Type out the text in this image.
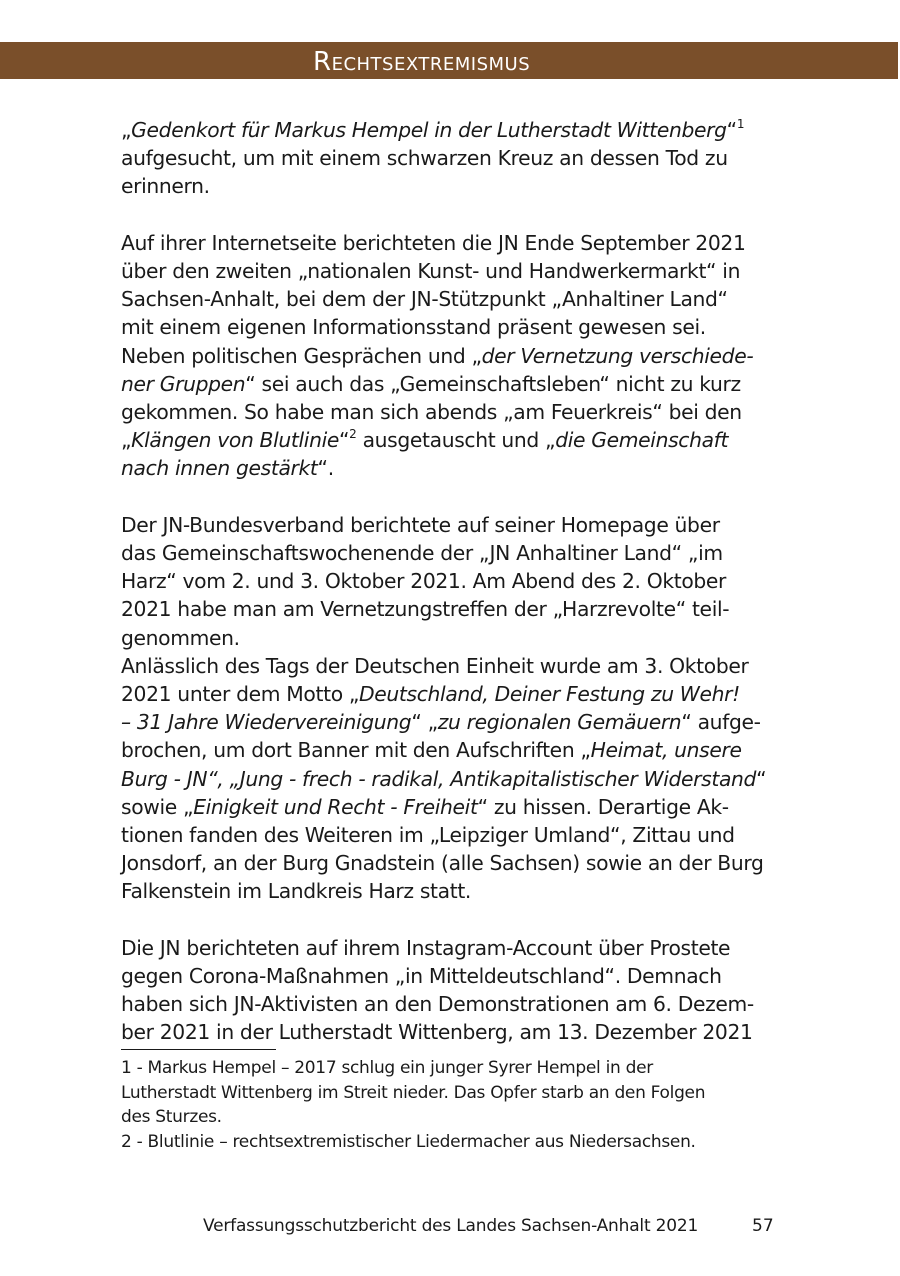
Rechtsextremismus
„Gedenkort für Markus Hempel in der Lutherstadt Wittenberg“$^1$
aufgesucht, um mit einem schwarzen Kreuz an dessen Tod zu
erinnern.
Auf ihrer Internetseite berichteten die JN Ende September 2021
über den zweiten „nationalen Kunst- und Handwerkermarkt“ in
Sachsen-Anhalt, bei dem der JN-Stützpunkt „Anhaltiner Land“
mit einem eigenen Informationsstand präsent gewesen sei.
Neben politischen Gesprächen und „der Vernetzung verschiede-
ner Gruppen“ sei auch das „Gemeinschaftsleben“ nicht zu kurz
gekommen. So habe man sich abends „am Feuerkreis“ bei den
„Klängen von Blutlinie“$^2$ ausgetauscht und „die Gemeinschaft
nach innen gestärkt“.
Der JN-Bundesverband berichtete auf seiner Homepage über
das Gemeinschaftswochenende der „JN Anhaltiner Land“ „im
Harz“ vom 2. und 3. Oktober 2021. Am Abend des 2. Oktober
2021 habe man am Vernetzungstreffen der „Harzrevolte“ teil-
genommen.
Anlässlich des Tags der Deutschen Einheit wurde am 3. Oktober
2021 unter dem Motto „Deutschland, Deiner Festung zu Wehr!
– 31 Jahre Wiedervereinigung“ „zu regionalen Gemäuern“ aufge-
brochen, um dort Banner mit den Aufschriften „Heimat, unsere
Burg - JN“, „Jung - frech - radikal, Antikapitalistischer Widerstand“
sowie „Einigkeit und Recht - Freiheit“ zu hissen. Derartige Ak-
tionen fanden des Weiteren im „Leipziger Umland“, Zittau und
Jonsdorf, an der Burg Gnadstein (alle Sachsen) sowie an der Burg
Falkenstein im Landkreis Harz statt.
Die JN berichteten auf ihrem Instagram-Account über Prostete
gegen Corona-Maßnahmen „in Mitteldeutschland“. Demnach
haben sich JN-Aktivisten an den Demonstrationen am 6. Dezem-
ber 2021 in der Lutherstadt Wittenberg, am 13. Dezember 2021
1 - Markus Hempel – 2017 schlug ein junger Syrer Hempel in der
Lutherstadt Wittenberg im Streit nieder. Das Opfer starb an den Folgen
des Sturzes.
2 - Blutlinie – rechtsextremistischer Liedermacher aus Niedersachsen.
Verfassungsschutzbericht des Landes Sachsen-Anhalt 2021	57
